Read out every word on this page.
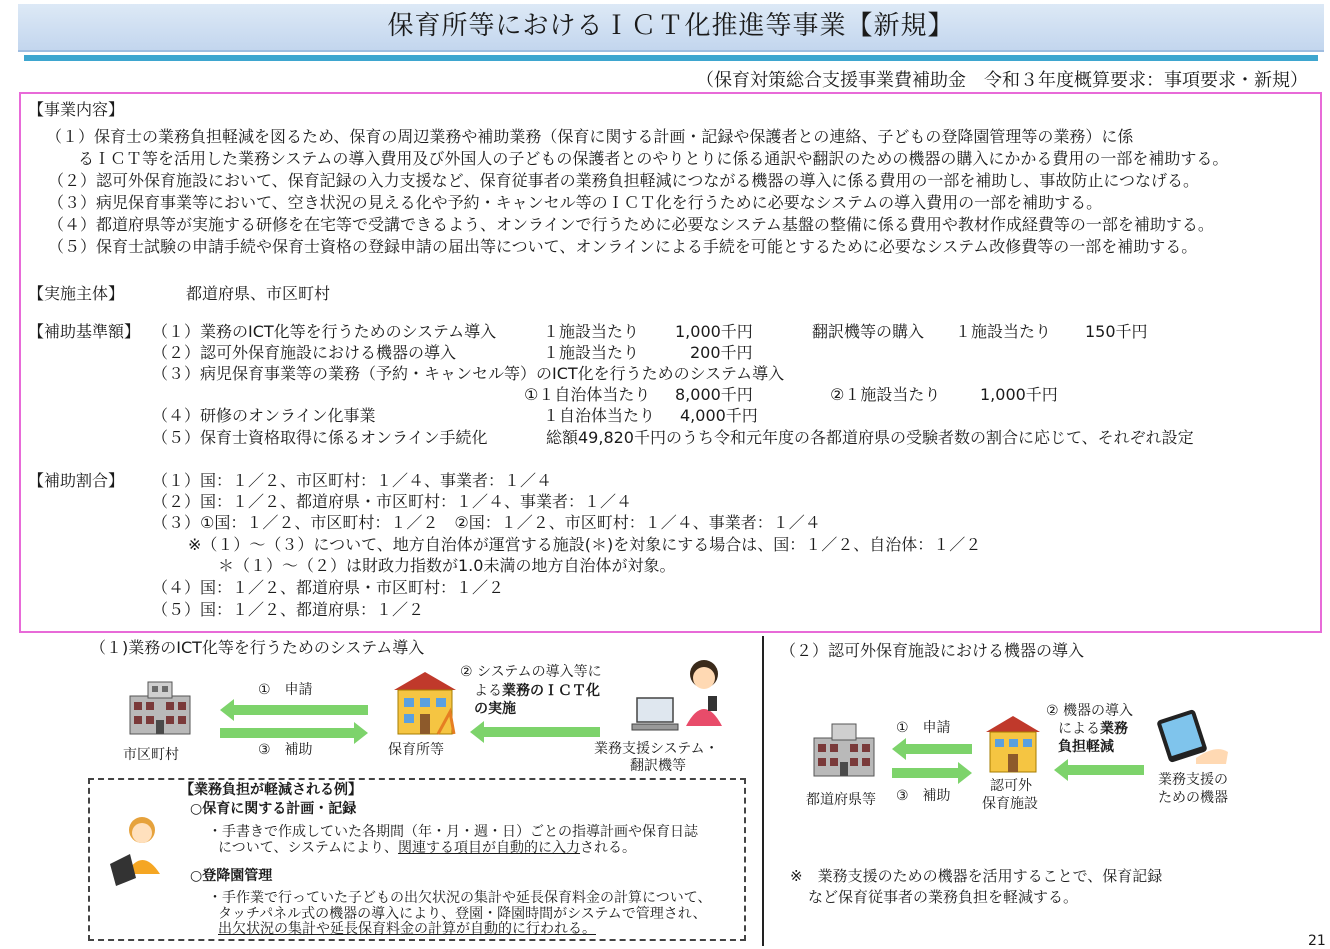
保育所等におけるＩＣＴ化推進等事業【新規】
（保育対策総合支援事業費補助金　令和３年度概算要求：事項要求・新規）
【事業内容】
（１）保育士の業務負担軽減を図るため、保育の周辺業務や補助業務（保育に関する計画・記録や保護者との連絡、子どもの登降園管理等の業務）に係
るＩＣＴ等を活用した業務システムの導入費用及び外国人の子どもの保護者とのやりとりに係る通訳や翻訳のための機器の購入にかかる費用の一部を補助する。
（２）認可外保育施設において、保育記録の入力支援など、保育従事者の業務負担軽減につながる機器の導入に係る費用の一部を補助し、事故防止につなげる。
（３）病児保育事業等において、空き状況の見える化や予約・キャンセル等のＩＣＴ化を行うために必要なシステムの導入費用の一部を補助する。
（４）都道府県等が実施する研修を在宅等で受講できるよう、オンラインで行うために必要なシステム基盤の整備に係る費用や教材作成経費等の一部を補助する。
（５）保育士試験の申請手続や保育士資格の登録申請の届出等について、オンラインによる手続を可能とするために必要なシステム改修費等の一部を補助する。
【実施主体】	都道府県、市区町村
【補助基準額】 （１）業務のICT化等を行うためのシステム導入	１施設当たり 1,000千円	翻訳機等の購入 １施設当たり 150千円
（２）認可外保育施設における機器の導入	１施設当たり	200千円
（３）病児保育事業等の業務（予約・キャンセル等）のICT化を行うためのシステム導入
①１自治体当たり 8,000千円	②１施設当たり 1,000千円
（４）研修のオンライン化事業	１自治体当たり 4,000千円
（５）保育士資格取得に係るオンライン手続化	総額49,820千円のうち令和元年度の各都道府県の受験者数の割合に応じて、それぞれ設定
【補助割合】 （１）国：１／２、市区町村：１／４、事業者：１／４
（２）国：１／２、都道府県・市区町村：１／４、事業者：１／４
（３）①国：１／２、市区町村：１／２　②国：１／２、市区町村：１／４、事業者：１／４
※（１）～（３）について、地方自治体が運営する施設(＊)を対象にする場合は、国：１／２、自治体：１／２
＊（１）～（２）は財政力指数が1.0未満の地方自治体が対象。
（４）国：１／２、都道府県・市区町村：１／２
（５）国：１／２、都道府県：１／２
（１)業務のICT化等を行うためのシステム導入
市区町村
①　申請
③　補助	保育所等
② システムの導入等に
よる業務のＩＣＴ化
の実施
業務支援システム・
翻訳機等
【業務負担が軽減される例】
○保育に関する計画・記録
・手書きで作成していた各期間（年・月・週・日）ごとの指導計画や保育日誌
について、システムにより、関連する項目が自動的に入力される。
○登降園管理
・手作業で行っていた子どもの出欠状況の集計や延長保育料金の計算について、
タッチパネル式の機器の導入により、登園・降園時間がシステムで管理され、
出欠状況の集計や延長保育料金の計算が自動的に行われる。
（２）認可外保育施設における機器の導入
都道府県等
①　申請
③　補助
認可外
保育施設
② 機器の導入
による業務
負担軽減
業務支援の
ための機器
※　業務支援のための機器を活用することで、保育記録
など保育従事者の業務負担を軽減する。
21
